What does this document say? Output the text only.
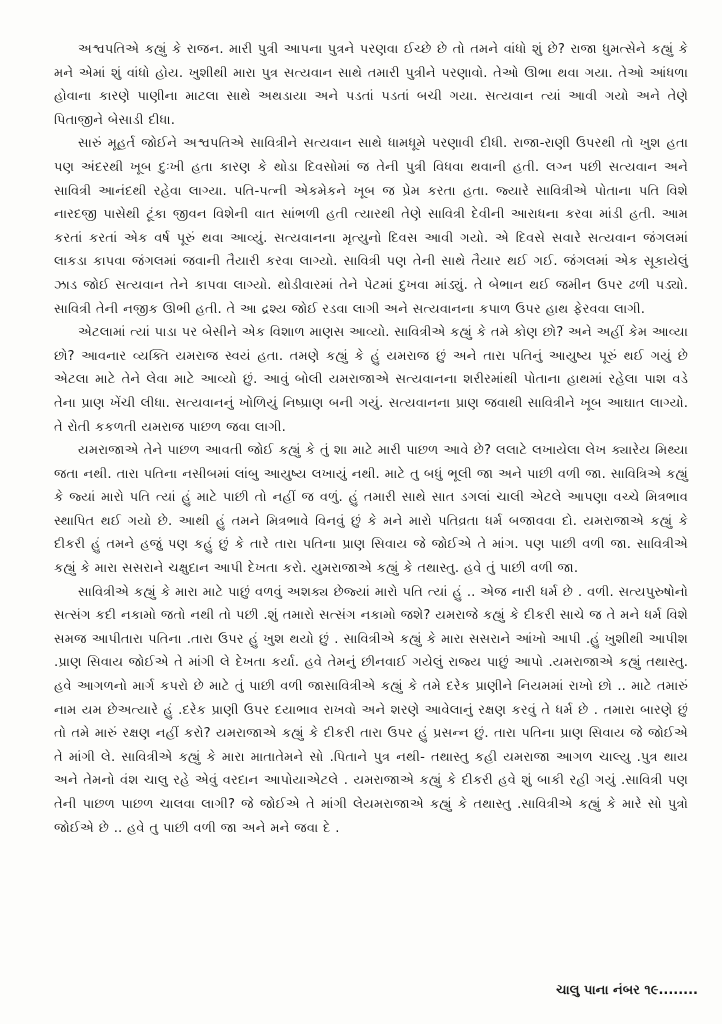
અશ્વપતિએ કહ્યું કે રાજન. મારી પુત્રી આપના પુત્રને પરણવા ઈચ્છે છે તો તમને વાંધો શું છે? રાજા ધુમત્સેને કહ્યું કે મને એમાં શું વાંધો હોય. ખુશીથી મારા પુત્ર સત્યવાન સાથે તમારી પુત્રીને પરણાવો. તેઓ ઊભા થવા ગયા. તેઓ આંધળા હોવાના કારણે પાણીના માટલા સાથે અથડાયા અને પડતાં પડતાં બચી ગયા. સત્યવાન ત્યાં આવી ગયો અને તેણે પિતાજીને બેસાડી દીધા.

સારું મૂહર્ત જોઈને અશ્વપતિએ સાવિત્રીને સત્યવાન સાથે ધામધૂમે પરણાવી દીધી. રાજા-રાણી ઉપરથી તો ખુશ હતા પણ અંદરથી ખૂબ દુઃખી હતા કારણ કે થોડા દિવસોમાં જ તેની પુત્રી વિધવા થવાની હતી. લગ્ન પછી સત્યવાન અને સાવિત્રી આનંદથી રહેવા લાગ્યા. પતિ-પત્ની એકમેકને ખૂબ જ પ્રેમ કરતા હતા. જ્યારે સાવિત્રીએ પોતાના પતિ વિશે નારદજી પાસેથી ટૂંકા જીવન વિશેની વાત સાંભળી હતી ત્યારથી તેણે સાવિત્રી દેવીની આરાધના કરવા માંડી હતી. આમ કરતાં કરતાં એક વર્ષ પૂરું થવા આવ્યું. સત્યવાનના મૃત્યુનો દિવસ આવી ગયો. એ દિવસે સવારે સત્યવાન જંગલમાં લાકડા કાપવા જંગલમાં જવાની તૈયારી કરવા લાગ્યો. સાવિત્રી પણ તેની સાથે તૈયાર થઈ ગઈ. જંગલમાં એક સૂકાયેલું ઝાડ જોઈ સત્યવાન તેને કાપવા લાગ્યો. થોડીવારમાં તેને પેટમાં દુખવા માંડ્યું. તે બેભાન થઈ જમીન ઉપર ઢળી પડ્યો. સાવિત્રી તેની નજીક ઊભી હતી. તે આ દ્રશ્ય જોઈ રડવા લાગી અને સત્યવાનના કપાળ ઉપર હાથ ફેરવવા લાગી.

એટલામાં ત્યાં પાડા પર બેસીને એક વિશાળ માણસ આવ્યો. સાવિત્રીએ કહ્યું કે તમે કોણ છો? અને અહીં કેમ આવ્યા છો? આવનાર વ્યક્તિ યમરાજ સ્વયં હતા. તમણે કહ્યું કે હું યમરાજ છું અને તારા પતિનું આયુષ્ય પૂરું થઈ ગયું છે એટલા માટે તેને લેવા માટે આવ્યો છું. આવું બોલી યમરાજાએ સત્યવાનના શરીરમાંથી પોતાના હાથમાં રહેલા પાશ વડે તેના પ્રાણ ખેંચી લીધા. સત્યવાનનું ખોળિયું નિષ્પ્રાણ બની ગયું. સત્યવાનના પ્રાણ જવાથી સાવિત્રીને ખૂબ આઘાત લાગ્યો. તે રોતી કકળતી યમરાજ પાછળ જવા લાગી.

યમરાજાએ તેને પાછળ આવતી જોઈ કહ્યું કે તું શા માટે મારી પાછળ આવે છે? લલાટે લખાયેલા લેખ ક્યારેય મિથ્યા જતા નથી. તારા પતિના નસીબમાં લાંબુ આયુષ્ય લખાયું નથી. માટે તુ બધું ભૂલી જા અને પાછી વળી જા. સાવિત્રિએ કહ્યું કે જ્યાં મારો પતિ ત્યાં હું માટે પાછી તો નહીં જ વળું. હું તમારી સાથે સાત ડગલાં ચાલી એટલે આપણા વચ્ચે મિત્રભાવ સ્થાપિત થઈ ગયો છે. આથી હું તમને મિત્રભાવે વિનવું છું કે મને મારો પતિવ્રતા ધર્મ બજાવવા દો. યમરાજાએ કહ્યું કે દીકરી હું તમને હજું પણ કહું છું કે તારે તારા પતિના પ્રાણ સિવાય જે જોઈએ તે માંગ. પણ પાછી વળી જા. સાવિત્રીએ કહ્યું કે મારા સસરાને ચક્ષુદાન આપી દેખતા કરો. યુમરાજાએ કહ્યું કે તથાસ્તુ. હવે તું પાછી વળી જા.

સાવિત્રીએ કહ્યું કે મારા માટે પાછું વળવું અશક્ય છેજ્યાં મારો પતિ ત્યાં હું .. એજ નારી ધર્મ છે . વળી. સત્યપુરુષોનો સત્સંગ કદી નકામો જતો નથી તો પછી .શું તમારો સત્સંગ નકામો જશે? યમરાજે કહ્યું કે દીકરી સાચે જ તે મને ધર્મ વિશે સમજ આપીતારા પતિના .તારા ઉપર હું ખુશ થયો છું . સાવિત્રીએ કહ્યું કે મારા સસરાને આંખો આપી .હું ખુશીથી આપીશ .પ્રાણ સિવાય જોઈએ તે માંગી લે દેખતા કર્યા. હવે તેમનું છીનવાઈ ગયેલું રાજ્ય પાછું આપો .યમરાજાએ કહ્યું તથાસ્તુ. હવે આગળનો માર્ગ કપરો છે માટે તું પાછી વળી જાસાવિત્રીએ કહ્યું કે તમે દરેક પ્રાણીને નિયમમાં રાખો છો .. માટે તમારું નામ યમ છેઅત્યારે હું .દરેક પ્રાણી ઉપર દયાભાવ રાખવો અને શરણે આવેલાનું રક્ષણ કરવું તે ધર્મ છે . તમારા બારણે છું તો તમે મારું રક્ષણ નહીં કરો? યમરાજાએ કહ્યું કે દીકરી તારા ઉપર હું પ્રસન્ન છું. તારા પતિના પ્રાણ સિવાય જે જોઈએ તે માંગી લે. સાવિત્રીએ કહ્યું કે મારા માતાતેમને સો .પિતાને પુત્ર નથી- તથાસ્તુ કહી યમરાજા આગળ ચાલ્યુ .પુત્ર થાય અને તેમનો વંશ ચાલુ રહે એવું વરદાન આપોયાએટલે . યમરાજાએ કહ્યું કે દીકરી હવે શું બાકી રહી ગયું .સાવિત્રી પણ તેની પાછળ પાછળ ચાલવા લાગી? જે જોઈએ તે માંગી લેયમરાજાએ કહ્યું કે તથાસ્તુ .સાવિત્રીએ કહ્યું કે મારે સો પુત્રો જોઈએ છે .. હવે તુ પાછી વળી જા અને મને જવા દે .

ચાલુ પાના નંબર ૧૯........
